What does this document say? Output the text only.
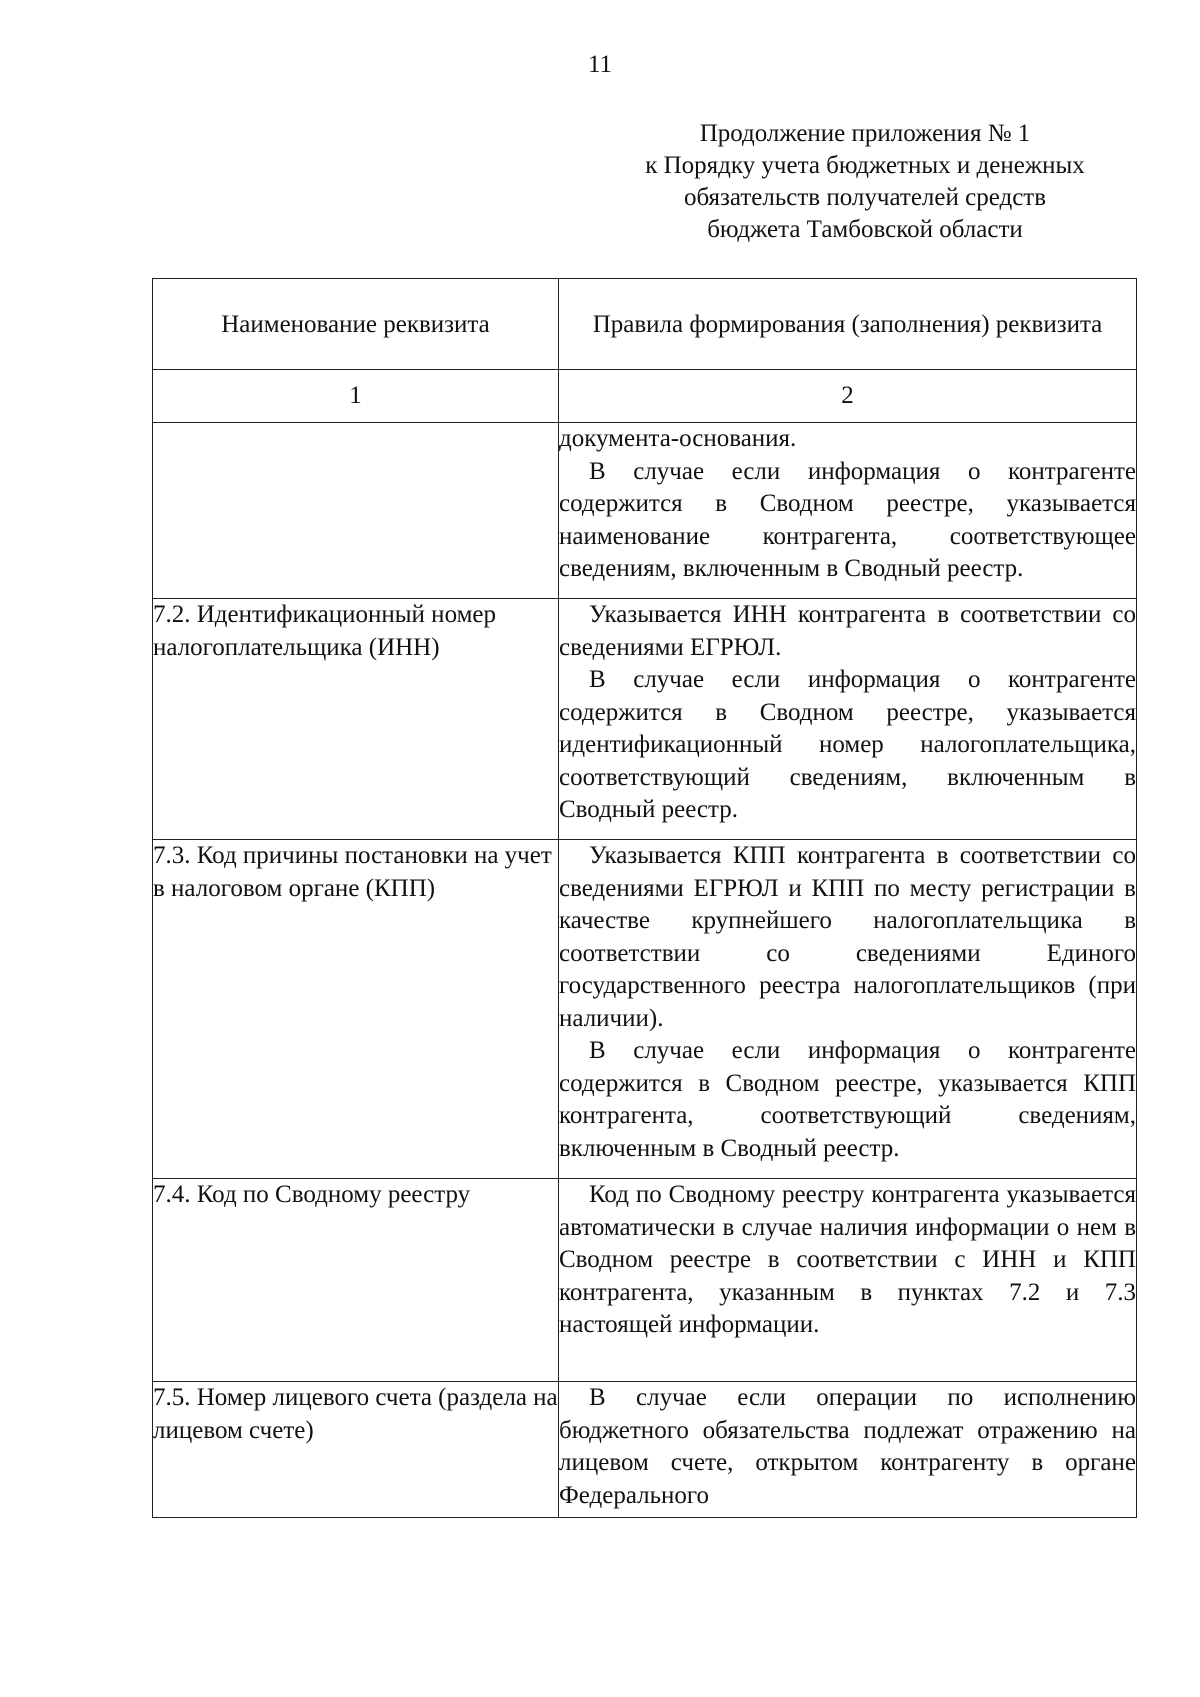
11
Продолжение приложения № 1
к Порядку учета бюджетных и денежных
обязательств получателей средств
бюджета Тамбовской области
Наименование реквизита	Правила формирования (заполнения) реквизита
1	2

	документа-основания.

В случае если информация о контрагенте содержится в Сводном реестре, указывается наименование контрагента, соответствующее сведениям, включенным в Сводный реестр.

7.2. Идентификационный номер налогоплательщика (ИНН)	Указывается ИНН контрагента в соответствии со сведениями ЕГРЮЛ.

В случае если информация о контрагенте содержится в Сводном реестре, указывается идентификационный номер налогоплательщика, соответствующий сведениям, включенным в Сводный реестр.

7.3. Код причины постановки на учет в налоговом органе (КПП)	Указывается КПП контрагента в соответствии со сведениями ЕГРЮЛ и КПП по месту регистрации в качестве крупнейшего налогоплательщика в соответствии со сведениями Единого государственного реестра налогоплательщиков (при наличии).

В случае если информация о контрагенте содержится в Сводном реестре, указывается КПП контрагента, соответствующий сведениям, включенным в Сводный реестр.

7.4. Код по Сводному реестру	Код по Сводному реестру контрагента указывается автоматически в случае наличия информации о нем в Сводном реестре в соответствии с ИНН и КПП контрагента, указанным в пунктах 7.2 и 7.3 настоящей информации.

7.5. Номер лицевого счета (раздела на лицевом счете)	В случае если операции по исполнению бюджетного обязательства подлежат отражению на лицевом счете, открытом контрагенту в органе Федерального
